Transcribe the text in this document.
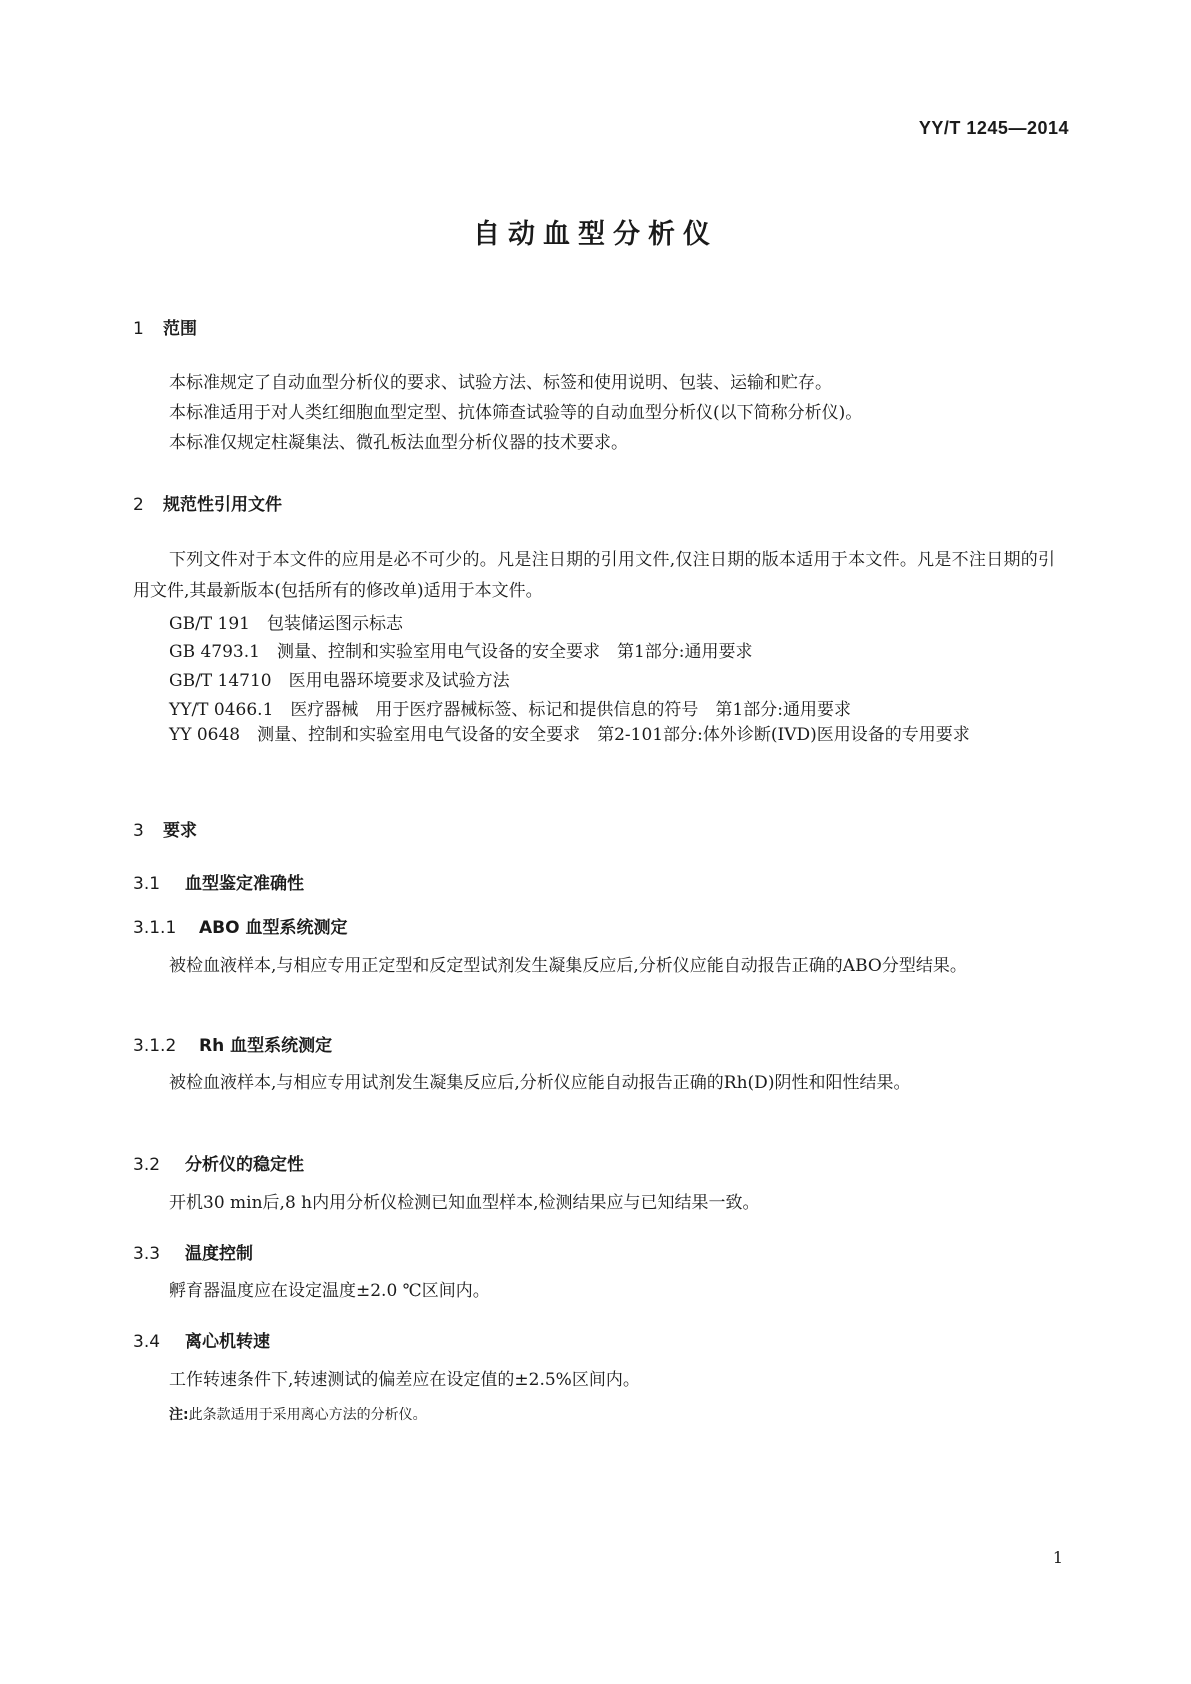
YY/T 1245—2014
自动血型分析仪
1 范围

本标准规定了自动血型分析仪的要求、试验方法、标签和使用说明、包装、运输和贮存。

本标准适用于对人类红细胞血型定型、抗体筛查试验等的自动血型分析仪(以下简称分析仪)。

本标准仅规定柱凝集法、微孔板法血型分析仪器的技术要求。

2 规范性引用文件

下列文件对于本文件的应用是必不可少的。凡是注日期的引用文件,仅注日期的版本适用于本文件。凡是不注日期的引用文件,其最新版本(包括所有的修改单)适用于本文件。

GB/T 191　包装储运图示标志
GB 4793.1　测量、控制和实验室用电气设备的安全要求　第1部分:通用要求
GB/T 14710　医用电器环境要求及试验方法
YY/T 0466.1　医疗器械　用于医疗器械标签、标记和提供信息的符号　第1部分:通用要求

YY 0648　测量、控制和实验室用电气设备的安全要求　第2-101部分:体外诊断(IVD)医用设备的专用要求

3 要求
3.1 血型鉴定准确性
3.1.1 ABO 血型系统测定

被检血液样本,与相应专用正定型和反定型试剂发生凝集反应后,分析仪应能自动报告正确的ABO分型结果。

3.1.2 Rh 血型系统测定

被检血液样本,与相应专用试剂发生凝集反应后,分析仪应能自动报告正确的Rh(D)阴性和阳性结果。

3.2 分析仪的稳定性

开机30 min后,8 h内用分析仪检测已知血型样本,检测结果应与已知结果一致。

3.3 温度控制

孵育器温度应在设定温度±2.0 ℃区间内。

3.4 离心机转速

工作转速条件下,转速测试的偏差应在设定值的±2.5%区间内。

注:此条款适用于采用离心方法的分析仪。
1
